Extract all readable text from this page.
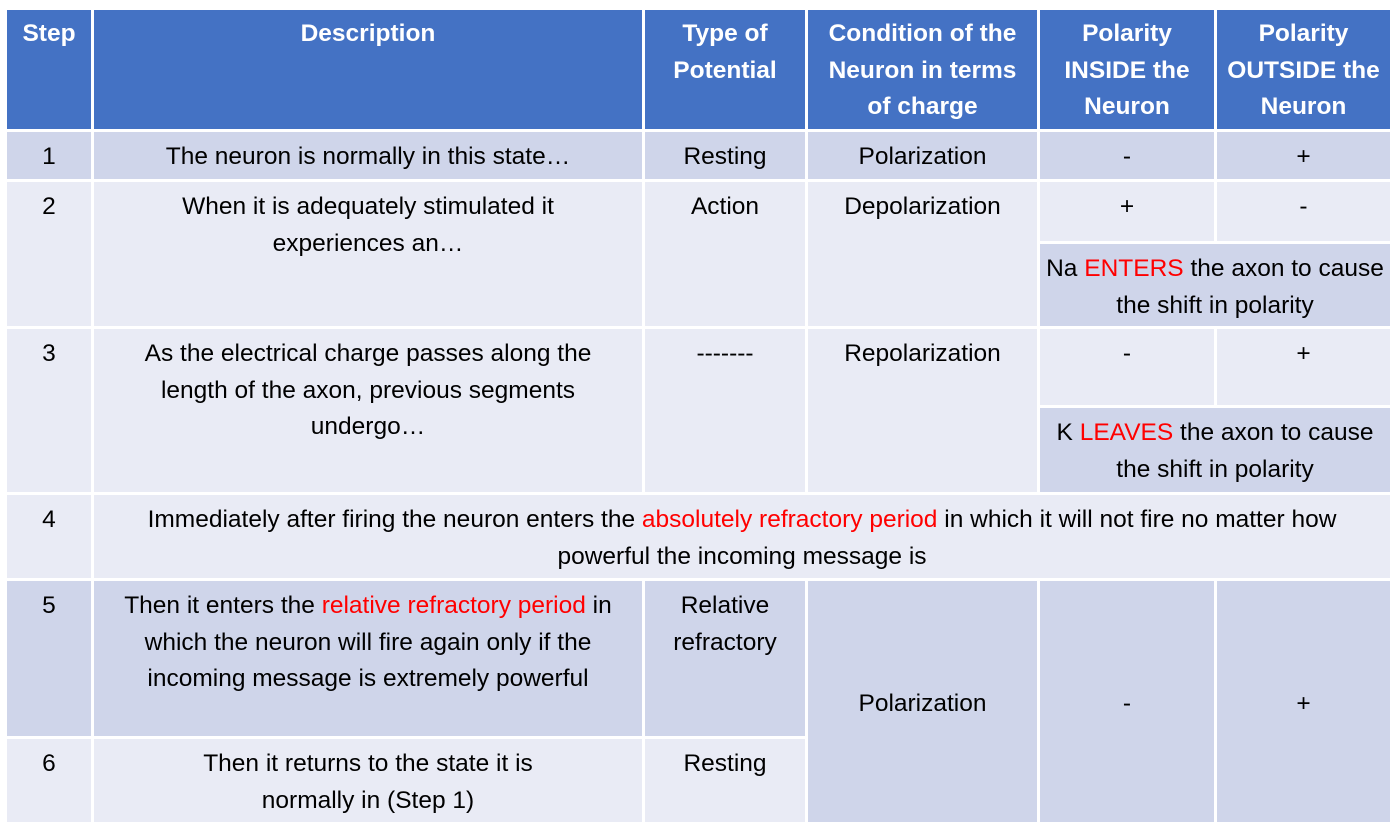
Step	Description	Type of Potential	Condition of the Neuron in terms of charge	Polarity INSIDE the Neuron	Polarity OUTSIDE the Neuron
1	The neuron is normally in this state…	Resting	Polarization	-	+
2	When it is adequately stimulated it experiences an…	Action	Depolarization	+	-
				Na ENTERS the axon to cause the shift in polarity	
3	As the electrical charge passes along the length of the axon, previous segments undergo…	-------	Repolarization	-	+
				K LEAVES the axon to cause the shift in polarity	
4	Immediately after firing the neuron enters the absolutely refractory period in which it will not fire no matter how powerful the incoming message is				
5	Then it enters the relative refractory period in which the neuron will fire again only if the incoming message is extremely powerful	Relative refractory	Polarization	-	+
6	Then it returns to the state it is normally in (Step 1)	Resting			
